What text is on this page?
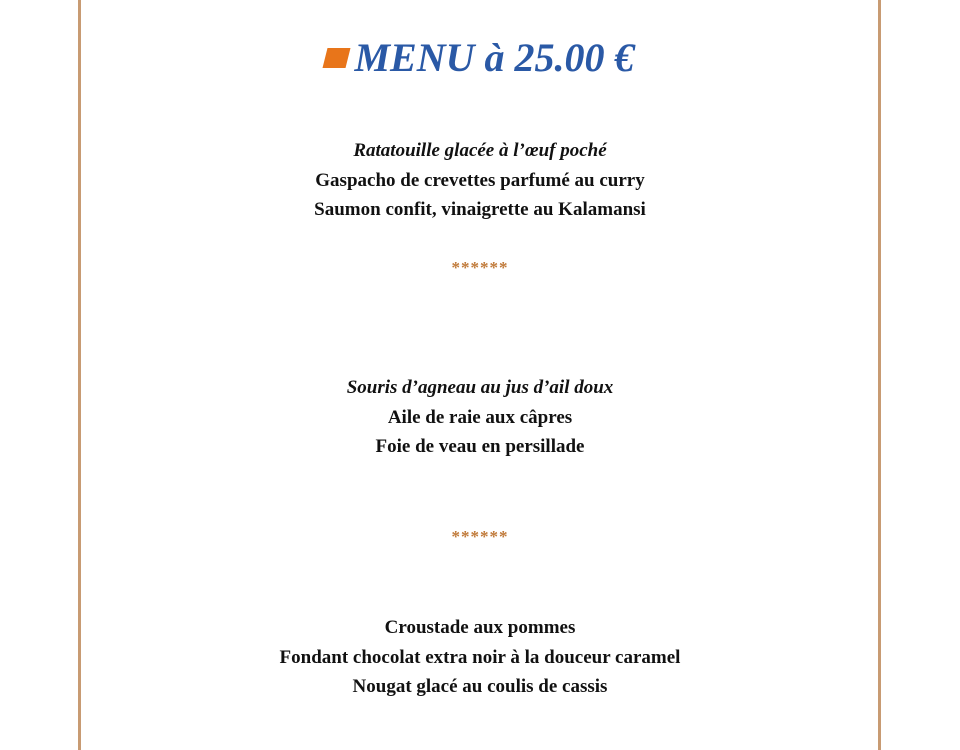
MENU à 25.00 €
Ratatouille glacée à l’œuf poché
Gaspacho de crevettes parfumé au curry
Saumon confit, vinaigrette au Kalamansi
******
Souris d’agneau au jus d’ail doux
Aile de raie aux câpres
Foie de veau en persillade
******
Croustade aux pommes
Fondant chocolat extra noir à la douceur caramel
Nougat glacé au coulis de cassis
